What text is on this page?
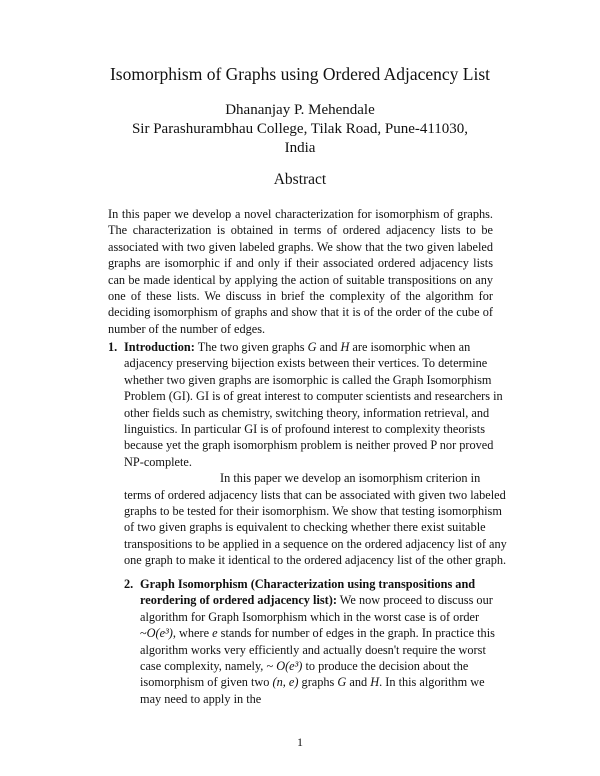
Isomorphism of Graphs using Ordered Adjacency List
Dhananjay P. Mehendale
Sir Parashurambhau College, Tilak Road, Pune-411030,
India
Abstract

In this paper we develop a novel characterization for isomorphism of graphs. The characterization is obtained in terms of ordered adjacency lists to be associated with two given labeled graphs. We show that the two given labeled graphs are isomorphic if and only if their associated ordered adjacency lists can be made identical by applying the action of suitable transpositions on any one of these lists. We discuss in brief the complexity of the algorithm for deciding isomorphism of graphs and show that it is of the order of the cube of number of the number of edges.

1. Introduction: The two given graphs G and H are isomorphic when an adjacency preserving bijection exists between their vertices. To determine whether two given graphs are isomorphic is called the Graph Isomorphism Problem (GI). GI is of great interest to computer scientists and researchers in other fields such as chemistry, switching theory, information retrieval, and linguistics. In particular GI is of profound interest to complexity theorists because yet the graph isomorphism problem is neither proved P nor proved NP-complete.

In this paper we develop an isomorphism criterion in terms of ordered adjacency lists that can be associated with given two labeled graphs to be tested for their isomorphism. We show that testing isomorphism of two given graphs is equivalent to checking whether there exist suitable transpositions to be applied in a sequence on the ordered adjacency list of any one graph to make it identical to the ordered adjacency list of the other graph.

2. Graph Isomorphism (Characterization using transpositions and reordering of ordered adjacency list): We now proceed to discuss our algorithm for Graph Isomorphism which in the worst case is of order ~O(e³), where e stands for number of edges in the graph. In practice this algorithm works very efficiently and actually doesn't require the worst case complexity, namely, ~ O(e³) to produce the decision about the isomorphism of given two (n, e) graphs G and H. In this algorithm we may need to apply in the

1
